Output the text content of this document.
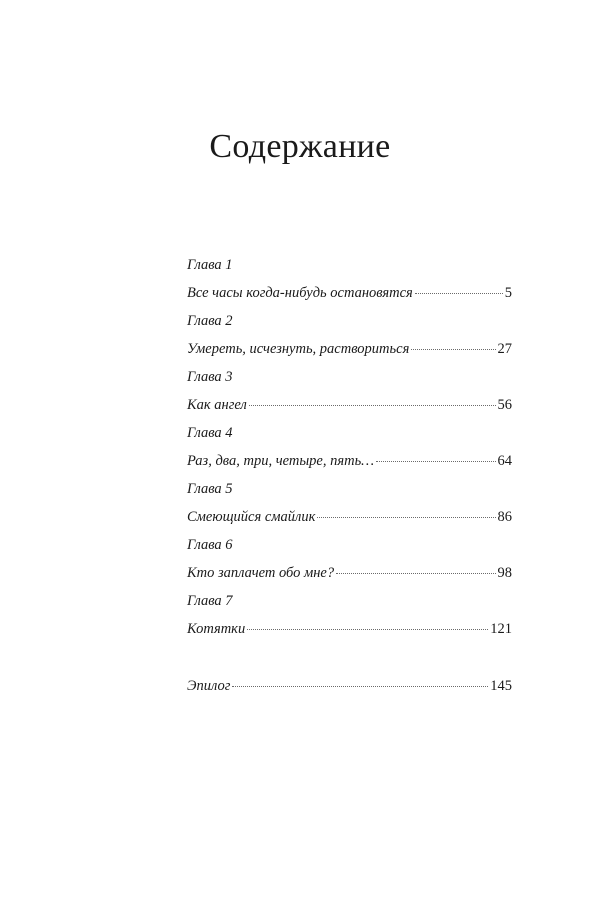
Содержание
Глава 1
Все часы когда-нибудь остановятся	5
Глава 2
Умереть, исчезнуть, раствориться	27
Глава 3
Как ангел	56
Глава 4
Раз, два, три, четыре, пять…	64
Глава 5
Смеющийся смайлик	86
Глава 6
Кто заплачет обо мне?	98
Глава 7
Котятки	121
Эпилог	145
